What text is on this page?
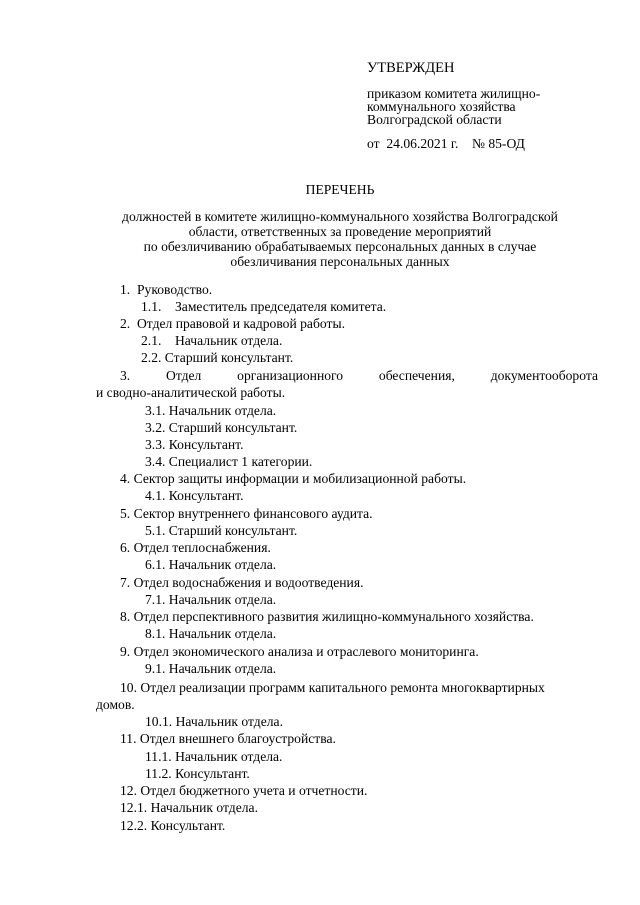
УТВЕРЖДЕН
приказом комитета жилищно-
коммунального хозяйства
Волгоградской области
от  24.06.2021 г.    № 85-ОД
ПЕРЕЧЕНЬ
должностей в комитете жилищно-коммунального хозяйства Волгоградской
области, ответственных за проведение мероприятий
по обезличиванию обрабатываемых персональных данных в случае
обезличивания персональных данных
1.  Руководство.
1.1.    Заместитель председателя комитета.
2.  Отдел правовой и кадровой работы.
2.1.    Начальник отдела.
2.2. Старший консультант.
3.	Отдел	организационного	обеспечения,	документооборота
и сводно-аналитической работы.
3.1. Начальник отдела.
3.2. Старший консультант.
3.3. Консультант.
3.4. Специалист 1 категории.
4. Сектор защиты информации и мобилизационной работы.
4.1. Консультант.
5. Сектор внутреннего финансового аудита.
5.1. Старший консультант.
6. Отдел теплоснабжения.
6.1. Начальник отдела.
7. Отдел водоснабжения и водоотведения.
7.1. Начальник отдела.
8. Отдел перспективного развития жилищно-коммунального хозяйства.
8.1. Начальник отдела.
9. Отдел экономического анализа и отраслевого мониторинга.
9.1. Начальник отдела.
10. Отдел реализации программ капитального ремонта многоквартирных
домов.
10.1. Начальник отдела.
11. Отдел внешнего благоустройства.
11.1. Начальник отдела.
11.2. Консультант.
12. Отдел бюджетного учета и отчетности.
12.1. Начальник отдела.
12.2. Консультант.
